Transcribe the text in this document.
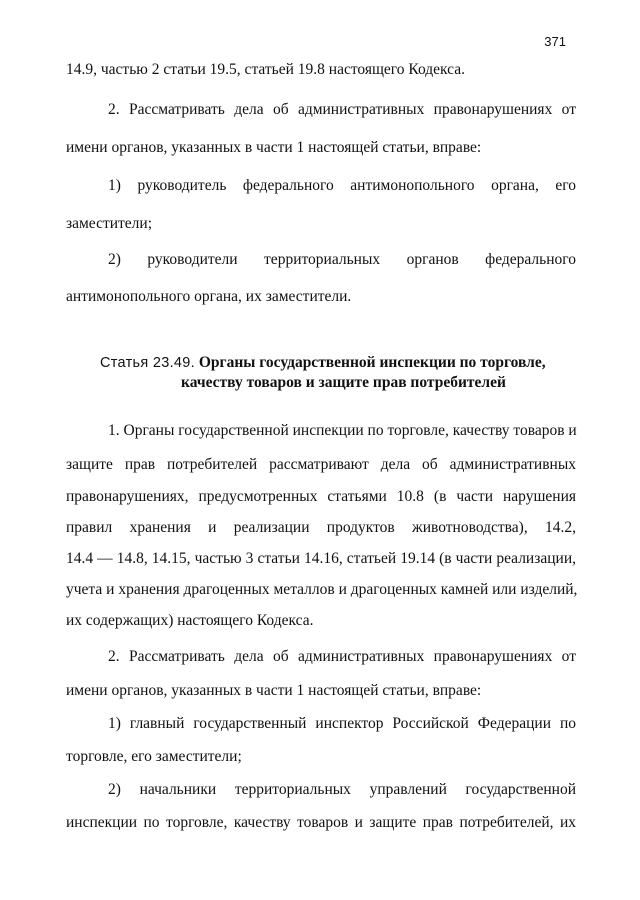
371
14.9, частью 2 статьи 19.5, статьей 19.8 настоящего Кодекса.
2. Рассматривать дела об административных правонарушениях от
имени органов, указанных в части 1 настоящей статьи, вправе:
1) руководитель федерального антимонопольного органа, его
заместители;
2) руководители территориальных органов федерального
антимонопольного органа, их заместители.
Статья 23.49. Органы государственной инспекции по торговле,
качеству товаров и защите прав потребителей
1. Органы государственной инспекции по торговле, качеству товаров и
защите прав потребителей рассматривают дела об административных
правонарушениях, предусмотренных статьями 10.8 (в части нарушения
правил хранения и реализации продуктов животноводства), 14.2,
14.4 — 14.8, 14.15, частью 3 статьи 14.16, статьей 19.14 (в части реализации,
учета и хранения драгоценных металлов и драгоценных камней или изделий,
их содержащих) настоящего Кодекса.
2. Рассматривать дела об административных правонарушениях от
имени органов, указанных в части 1 настоящей статьи, вправе:
1) главный государственный инспектор Российской Федерации по
торговле, его заместители;
2) начальники территориальных управлений государственной
инспекции по торговле, качеству товаров и защите прав потребителей, их
